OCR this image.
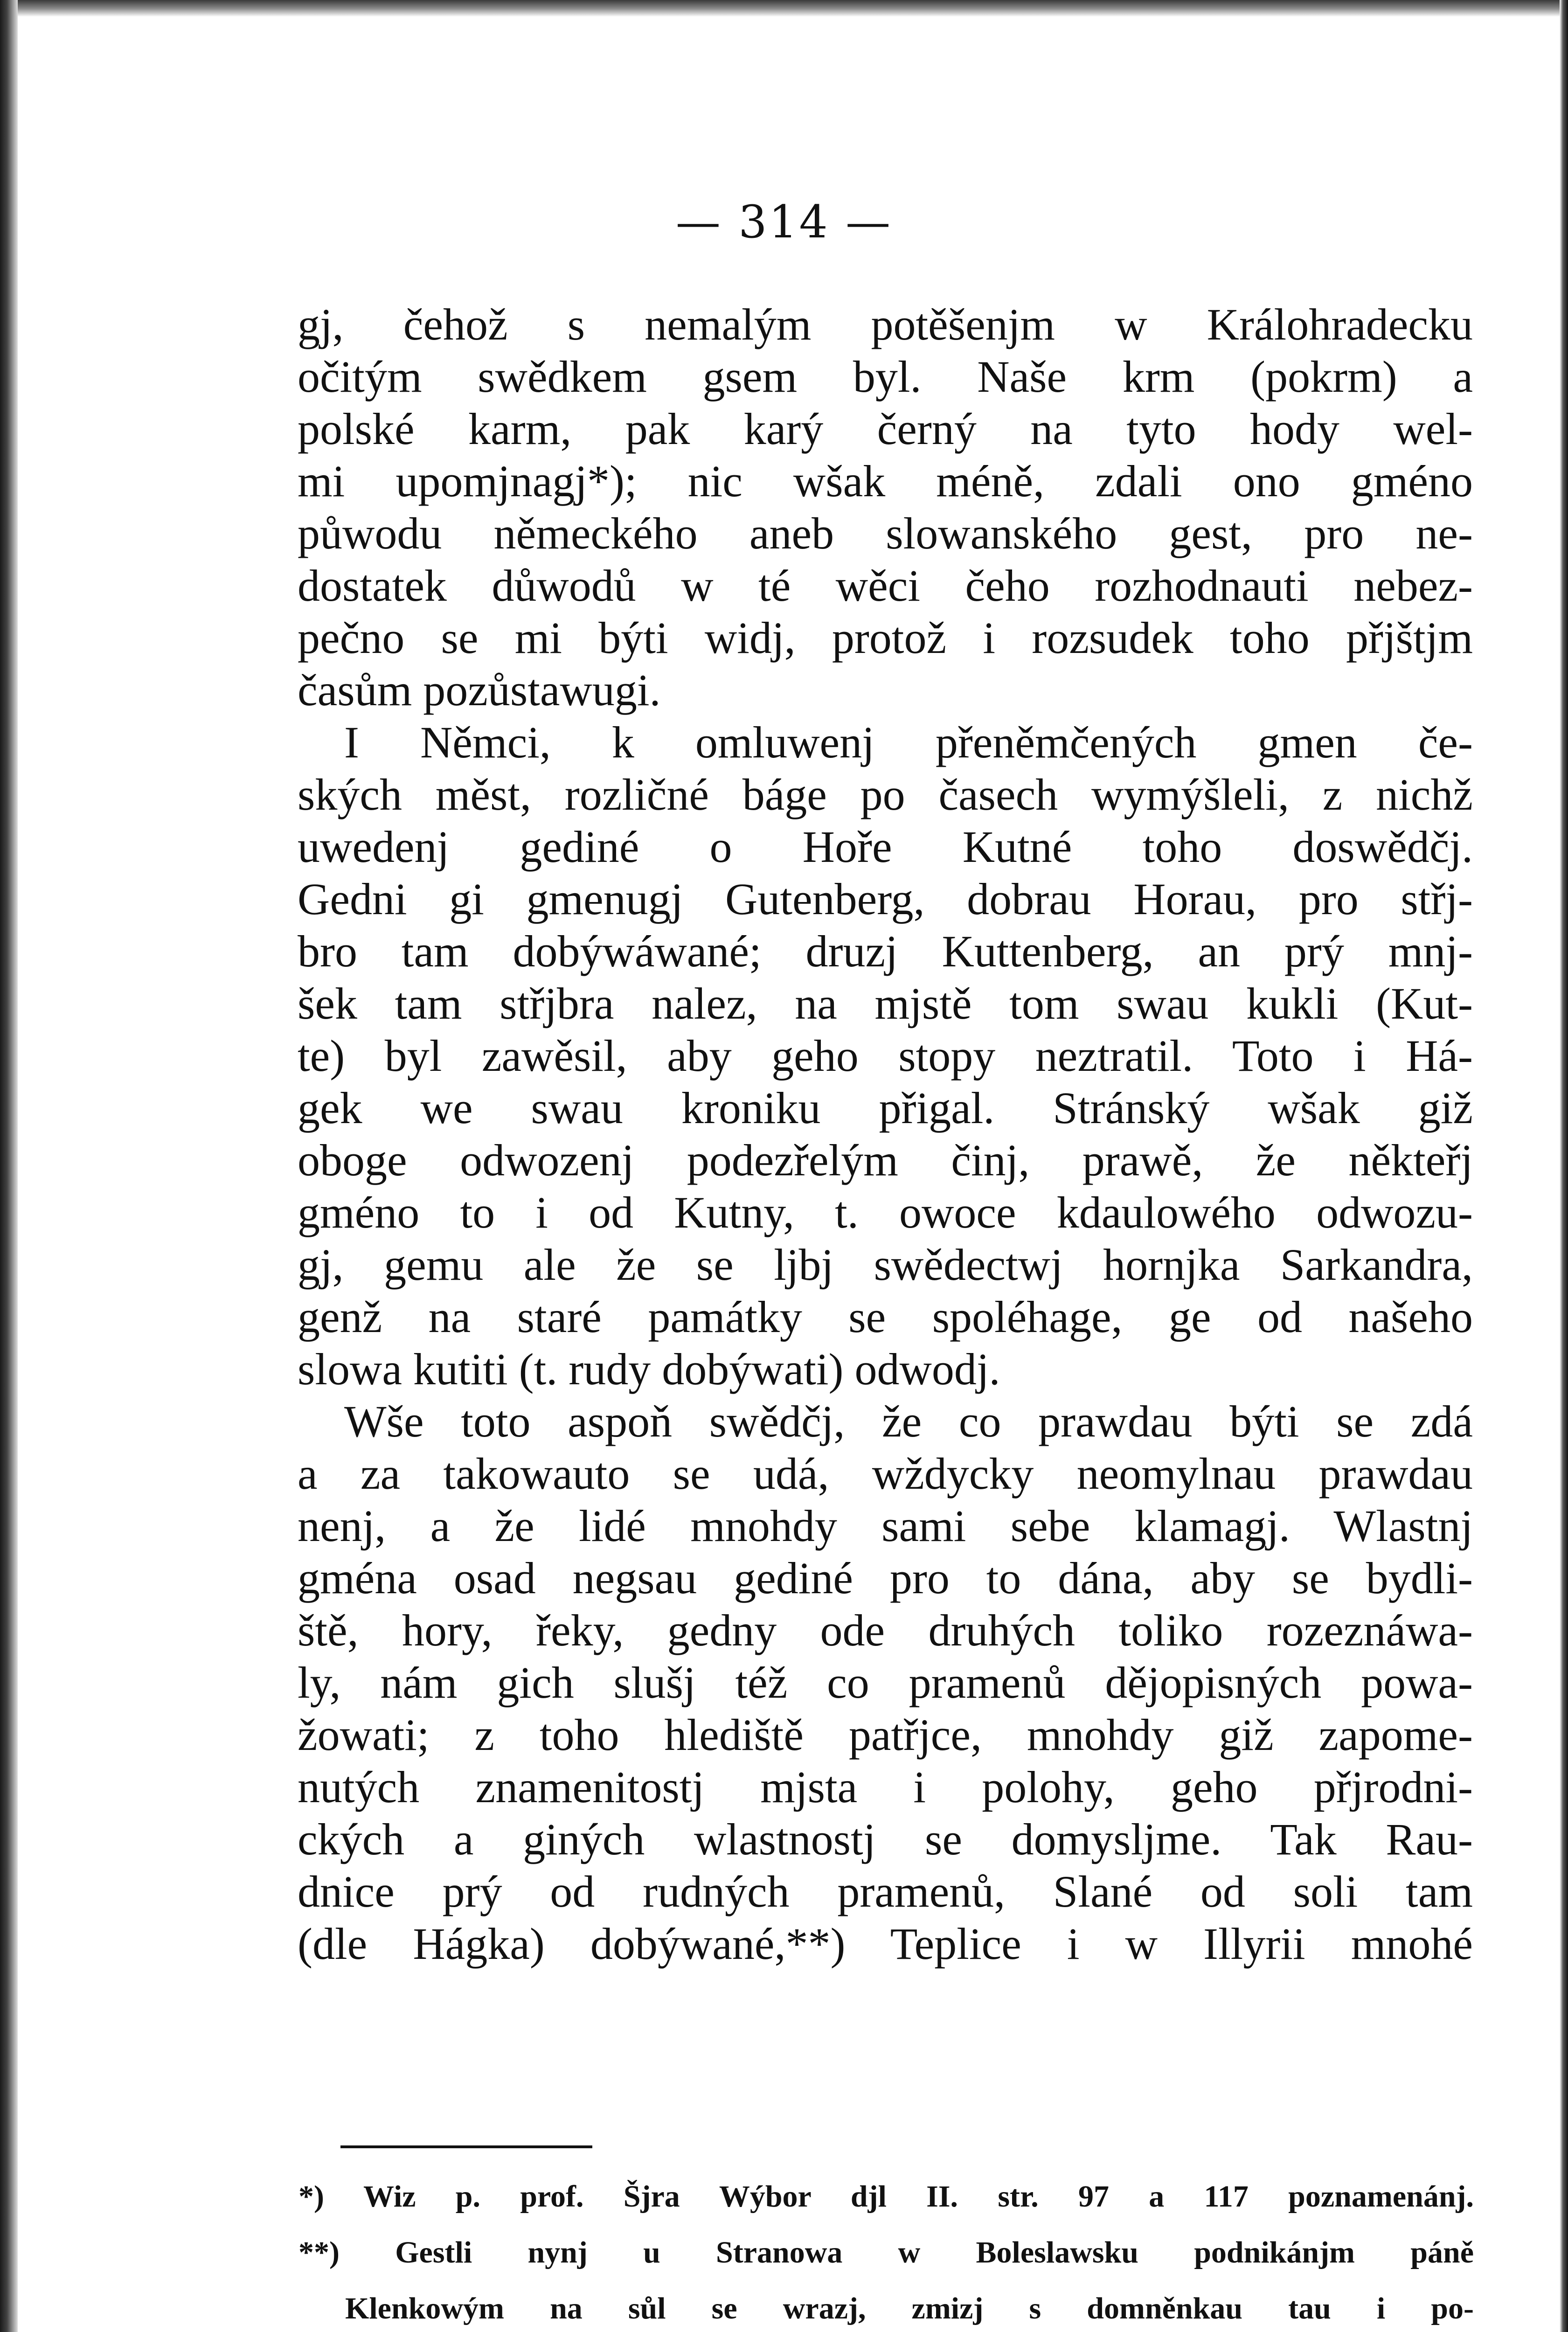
— 314 —
gj, čehož s nemalým potěšenjm w Králohradecku
očitým swědkem gsem byl. Naše krm (pokrm) a
polské karm, pak karý černý na tyto hody wel-
mi upomjnagj*); nic wšak méně, zdali ono gméno
půwodu německého aneb slowanského gest, pro ne-
dostatek důwodů w té wěci čeho rozhodnauti nebez-
pečno se mi býti widj, protož i rozsudek toho přjštjm
časům pozůstawugi.
I Němci, k omluwenj přeněmčených gmen če-
ských měst, rozličné báge po časech wymýšleli, z nichž
uwedenj gediné o Hoře Kutné toho doswědčj.
Gedni gi gmenugj Gutenberg, dobrau Horau, pro střj-
bro tam dobýwáwané; druzj Kuttenberg, an prý mnj-
šek tam střjbra nalez, na mjstě tom swau kukli (Kut-
te) byl zawěsil, aby geho stopy neztratil. Toto i Há-
gek we swau kroniku přigal. Stránský wšak giž
oboge odwozenj podezřelým činj, prawě, že někteřj
gméno to i od Kutny, t. owoce kdaulowého odwozu-
gj, gemu ale že se ljbj swědectwj hornjka Sarkandra,
genž na staré památky se spoléhage, ge od našeho
slowa kutiti (t. rudy dobýwati) odwodj.
Wše toto aspoň swědčj, že co prawdau býti se zdá
a za takowauto se udá, wždycky neomylnau prawdau
nenj, a že lidé mnohdy sami sebe klamagj. Wlastnj
gména osad negsau gediné pro to dána, aby se bydli-
ště, hory, řeky, gedny ode druhých toliko rozeznáwa-
ly, nám gich slušj též co pramenů dějopisných powa-
žowati; z toho hlediště patřjce, mnohdy giž zapome-
nutých znamenitostj mjsta i polohy, geho přjrodni-
ckých a giných wlastnostj se domysljme. Tak Rau-
dnice prý od rudných pramenů, Slané od soli tam
(dle Hágka) dobýwané,**) Teplice i w Illyrii mnohé
*) Wiz p. prof. Šjra Wýbor djl II. str. 97 a 117 poznamenánj.
**) Gestli nynj u Stranowa w Boleslawsku podnikánjm páně
Klenkowým na sůl se wrazj, zmizj s domněnkau tau i po-
